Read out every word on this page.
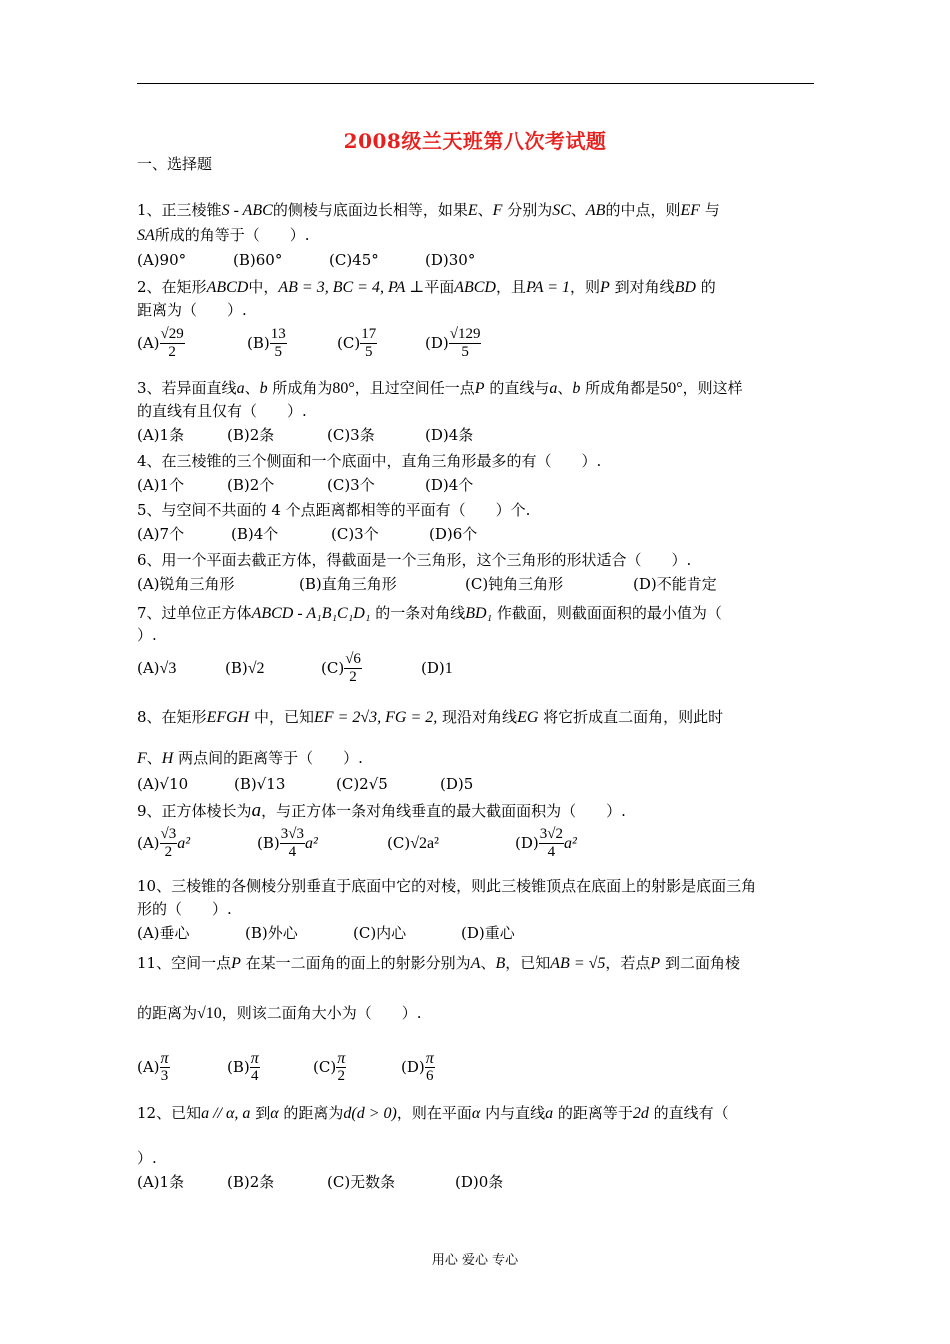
2008级兰天班第八次考试题
一、选择题
1、正三棱锥S - ABC的侧棱与底面边长相等，如果E、F 分别为SC、AB的中点，则EF 与
SA所成的角等于（　　）.
(A)90°	(B)60°	(C)45°	(D)30°
2、在矩形ABCD中，AB = 3, BC = 4, PA ⊥平面ABCD，且PA = 1，则P 到对角线BD 的
距离为（　　）.
$(A) \frac{√29}{2}$	$(B) \frac{13}{5}$	$(C) \frac{17}{5}$	$(D) \frac{√129}{5}$
3、若异面直线a、b 所成角为80°，且过空间任一点P 的直线与a、b 所成角都是50°，则这样
的直线有且仅有（　　）.
(A)1条	(B)2条	(C)3条	(D)4条
4、在三棱锥的三个侧面和一个底面中，直角三角形最多的有（　　）.
(A)1个	(B)2个	(C)3个	(D)4个
5、与空间不共面的 4 个点距离都相等的平面有（　　）个.
(A)7个	(B)4个	(C)3个	(D)6个
6、用一个平面去截正方体，得截面是一个三角形，这个三角形的形状适合（　　）.
(A)锐角三角形	(B)直角三角形	(C)钝角三角形	(D)不能肯定
7、过单位正方体ABCD - A₁B₁C₁D₁ 的一条对角线BD₁ 作截面，则截面面积的最小值为（
）.
(A)√3	(B)√2	$(C) \frac{√6}{2}$	(D)1
8、在矩形EFGH 中，已知EF = 2√3, FG = 2, 现沿对角线EG 将它折成直二面角，则此时
F、H 两点间的距离等于（　　）.
(A)√10	(B)√13	(C)2√5	(D)5
9、正方体棱长为a，与正方体一条对角线垂直的最大截面面积为（　　）.
$(A) \frac{√3}{2} a^2$	$(B) \frac{3√3}{4} a^2$	(C)√2a²	$(D) \frac{3√2}{4} a^2$
10、三棱锥的各侧棱分别垂直于底面中它的对棱，则此三棱锥顶点在底面上的射影是底面三角
形的（　　）.
(A)垂心	(B)外心	(C)内心	(D)重心
11、空间一点P 在某一二面角的面上的射影分别为A、B，已知AB = √5，若点P 到二面角棱
的距离为√10，则该二面角大小为（　　）.
$(A) \frac{\pi}{3}$	$(B) \frac{\pi}{4}$	$(C) \frac{\pi}{2}$	$(D) \frac{\pi}{6}$
12、已知a // α, a 到α 的距离为d(d > 0)，则在平面α 内与直线a 的距离等于2d 的直线有（
）.
(A)1条	(B)2条	(C)无数条	(D)0条
用心 爱心 专心
